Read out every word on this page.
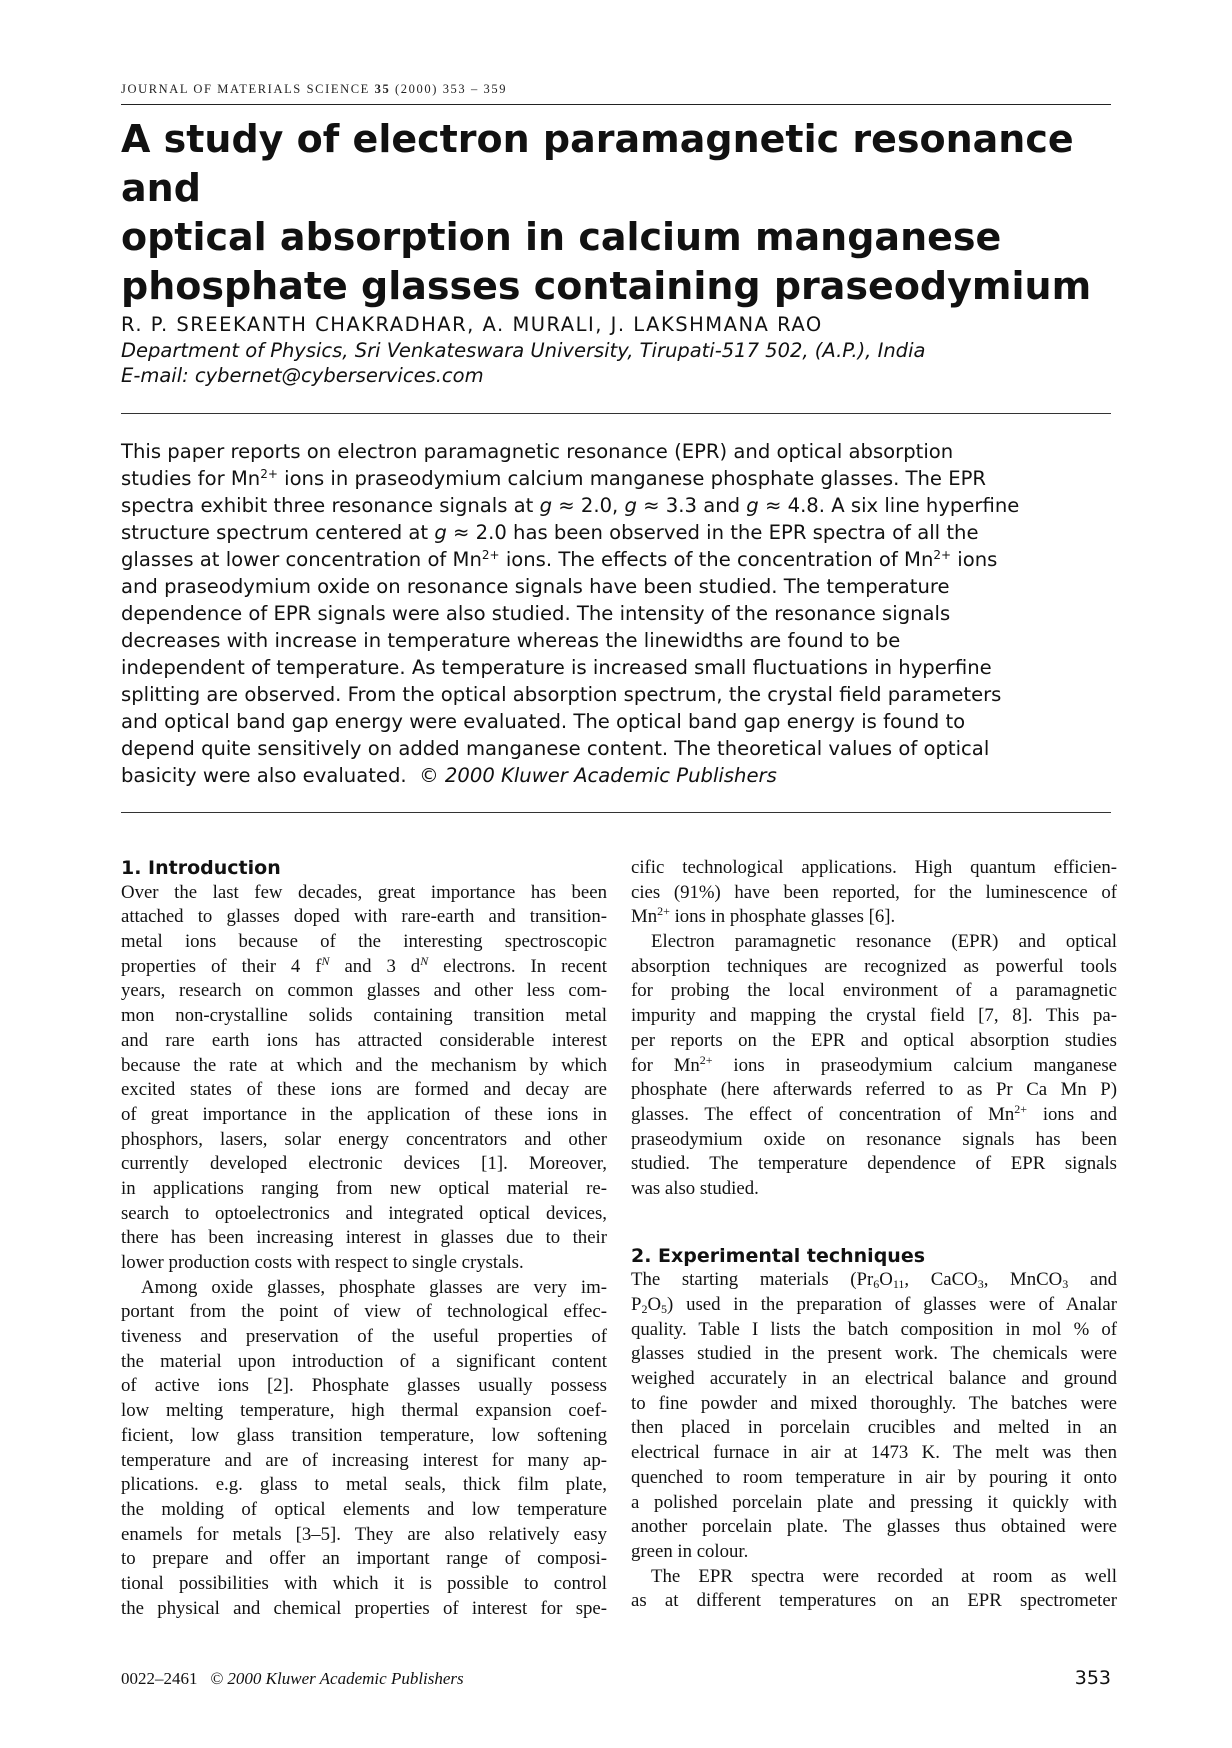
JOURNAL OF MATERIALS SCIENCE 35 (2000) 353 – 359
A study of electron paramagnetic resonance and
optical absorption in calcium manganese
phosphate glasses containing praseodymium
R. P. SREEKANTH CHAKRADHAR, A. MURALI, J. LAKSHMANA RAO
Department of Physics, Sri Venkateswara University, Tirupati-517 502, (A.P.), India
E-mail: cybernet@cyberservices.com
This paper reports on electron paramagnetic resonance (EPR) and optical absorption
studies for $Mn^{2+}$ ions in praseodymium calcium manganese phosphate glasses. The EPR
spectra exhibit three resonance signals at g ≈ 2.0, g ≈ 3.3 and g ≈ 4.8. A six line hyperfine
structure spectrum centered at g ≈ 2.0 has been observed in the EPR spectra of all the
glasses at lower concentration of $Mn^{2+}$ ions. The effects of the concentration of $Mn^{2+}$ ions
and praseodymium oxide on resonance signals have been studied. The temperature
dependence of EPR signals were also studied. The intensity of the resonance signals
decreases with increase in temperature whereas the linewidths are found to be
independent of temperature. As temperature is increased small fluctuations in hyperfine
splitting are observed. From the optical absorption spectrum, the crystal field parameters
and optical band gap energy were evaluated. The optical band gap energy is found to
depend quite sensitively on added manganese content. The theoretical values of optical
basicity were also evaluated. © 2000 Kluwer Academic Publishers
1. Introduction
Over the last few decades, great importance has been
attached to glasses doped with rare-earth and transition-
metal ions because of the interesting spectroscopic
properties of their 4 $f^N$ and 3 $d^N$ electrons. In recent
years, research on common glasses and other less com-
mon non-crystalline solids containing transition metal
and rare earth ions has attracted considerable interest
because the rate at which and the mechanism by which
excited states of these ions are formed and decay are
of great importance in the application of these ions in
phosphors, lasers, solar energy concentrators and other
currently developed electronic devices [1]. Moreover,
in applications ranging from new optical material re-
search to optoelectronics and integrated optical devices,
there has been increasing interest in glasses due to their
lower production costs with respect to single crystals.
Among oxide glasses, phosphate glasses are very im-
portant from the point of view of technological effec-
tiveness and preservation of the useful properties of
the material upon introduction of a significant content
of active ions [2]. Phosphate glasses usually possess
low melting temperature, high thermal expansion coef-
ficient, low glass transition temperature, low softening
temperature and are of increasing interest for many ap-
plications. e.g. glass to metal seals, thick film plate,
the molding of optical elements and low temperature
enamels for metals [3–5]. They are also relatively easy
to prepare and offer an important range of composi-
tional possibilities with which it is possible to control
the physical and chemical properties of interest for spe-
cific technological applications. High quantum efficien-
cies (91%) have been reported, for the luminescence of
$Mn^{2+}$ ions in phosphate glasses [6].
Electron paramagnetic resonance (EPR) and optical
absorption techniques are recognized as powerful tools
for probing the local environment of a paramagnetic
impurity and mapping the crystal field [7, 8]. This pa-
per reports on the EPR and optical absorption studies
for $Mn^{2+}$ ions in praseodymium calcium manganese
phosphate (here afterwards referred to as Pr Ca Mn P)
glasses. The effect of concentration of $Mn^{2+}$ ions and
praseodymium oxide on resonance signals has been
studied. The temperature dependence of EPR signals
was also studied.
2. Experimental techniques
The starting materials ($Pr_6O_{11}$, CaCO$_3$, MnCO$_3$ and
$P_2O_5$) used in the preparation of glasses were of Analar
quality. Table I lists the batch composition in mol % of
glasses studied in the present work. The chemicals were
weighed accurately in an electrical balance and ground
to fine powder and mixed thoroughly. The batches were
then placed in porcelain crucibles and melted in an
electrical furnace in air at 1473 K. The melt was then
quenched to room temperature in air by pouring it onto
a polished porcelain plate and pressing it quickly with
another porcelain plate. The glasses thus obtained were
green in colour.
The EPR spectra were recorded at room as well
as at different temperatures on an EPR spectrometer
0022–2461 © 2000 Kluwer Academic Publishers	353
